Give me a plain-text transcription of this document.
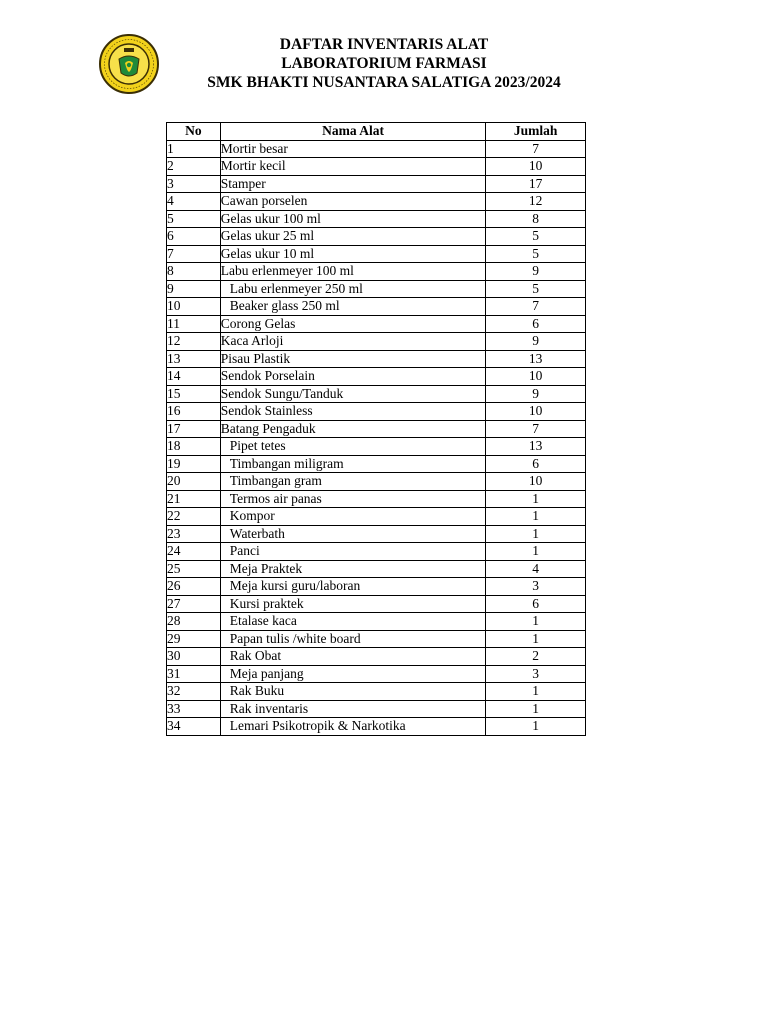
DAFTAR INVENTARIS ALAT
LABORATORIUM FARMASI
SMK BHAKTI NUSANTARA SALATIGA 2023/2024
No	Nama Alat	Jumlah
1	Mortir besar	7
2	Mortir kecil	10
3	Stamper	17
4	Cawan porselen	12
5	Gelas ukur 100 ml	8
6	Gelas ukur 25 ml	5
7	Gelas ukur 10 ml	5
8	Labu erlenmeyer 100 ml	9
9	Labu erlenmeyer 250 ml	5
10	Beaker glass 250 ml	7
11	Corong Gelas	6
12	Kaca Arloji	9
13	Pisau Plastik	13
14	Sendok Porselain	10
15	Sendok Sungu/Tanduk	9
16	Sendok Stainless	10
17	Batang Pengaduk	7
18	Pipet tetes	13
19	Timbangan miligram	6
20	Timbangan gram	10
21	Termos air panas	1
22	Kompor	1
23	Waterbath	1
24	Panci	1
25	Meja Praktek	4
26	Meja kursi guru/laboran	3
27	Kursi praktek	6
28	Etalase kaca	1
29	Papan tulis /white board	1
30	Rak Obat	2
31	Meja panjang	3
32	Rak Buku	1
33	Rak inventaris	1
34	Lemari Psikotropik & Narkotika	1
